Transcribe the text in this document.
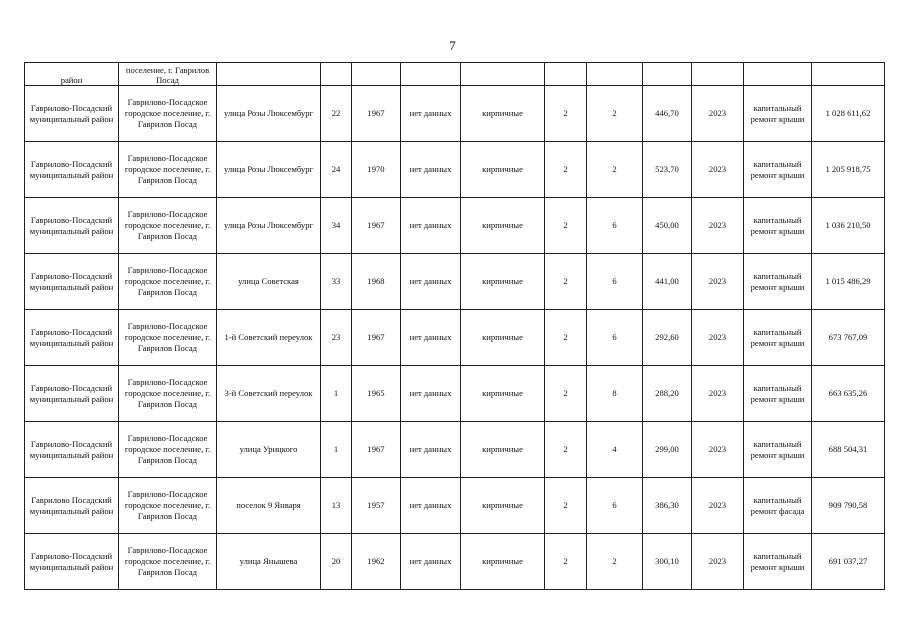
7
район	поселение, г. Гаврилов Посад											
Гаврилово-Посадский муниципальный район	Гаврилово-Посадское городское поселение, г. Гаврилов Посад	улица Розы Люксембург	22	1967	нет данных	кирпичные	2	2	446,70	2023	капитальный ремонт крыши	1 028 611,62
Гаврилово-Посадский муниципальный район	Гаврилово-Посадское городское поселение, г. Гаврилов Посад	улица Розы Люксембург	24	1970	нет данных	кирпичные	2	2	523,70	2023	капитальный ремонт крыши	1 205 918,75
Гаврилово-Посадский муниципальный район	Гаврилово-Посадское городское поселение, г. Гаврилов Посад	улица Розы Люксембург	34	1967	нет данных	кирпичные	2	6	450,00	2023	капитальный ремонт крыши	1 036 210,50
Гаврилово-Посадский муниципальный район	Гаврилово-Посадское городское поселение, г. Гаврилов Посад	улица Советская	33	1968	нет данных	кирпичные	2	6	441,00	2023	капитальный ремонт крыши	1 015 486,29
Гаврилово-Посадский муниципальный район	Гаврилово-Посадское городское поселение, г. Гаврилов Посад	1-й Советский переулок	23	1967	нет данных	кирпичные	2	6	292,60	2023	капитальный ремонт крыши	673 767,09
Гаврилово-Посадский муниципальный район	Гаврилово-Посадское городское поселение, г. Гаврилов Посад	3-й Советский переулок	1	1965	нет данных	кирпичные	2	8	288,20	2023	капитальный ремонт крыши	663 635,26
Гаврилово-Посадский муниципальный район	Гаврилово-Посадское городское поселение, г. Гаврилов Посад	улица Урицкого	1	1967	нет данных	кирпичные	2	4	299,00	2023	капитальный ремонт крыши	688 504,31
Гаврилово Посадский муниципальный район	Гаврилово-Посадское городское поселение, г. Гаврилов Посад	поселок 9 Января	13	1957	нет данных	кирпичные	2	6	386,30	2023	капитальный ремонт фасада	909 790,58
Гаврилово-Посадский муниципальный район	Гаврилово-Посадское городское поселение, г. Гаврилов Посад	улица Янышева	20	1962	нет данных	кирпичные	2	2	300,10	2023	капитальный ремонт крыши	691 037,27
